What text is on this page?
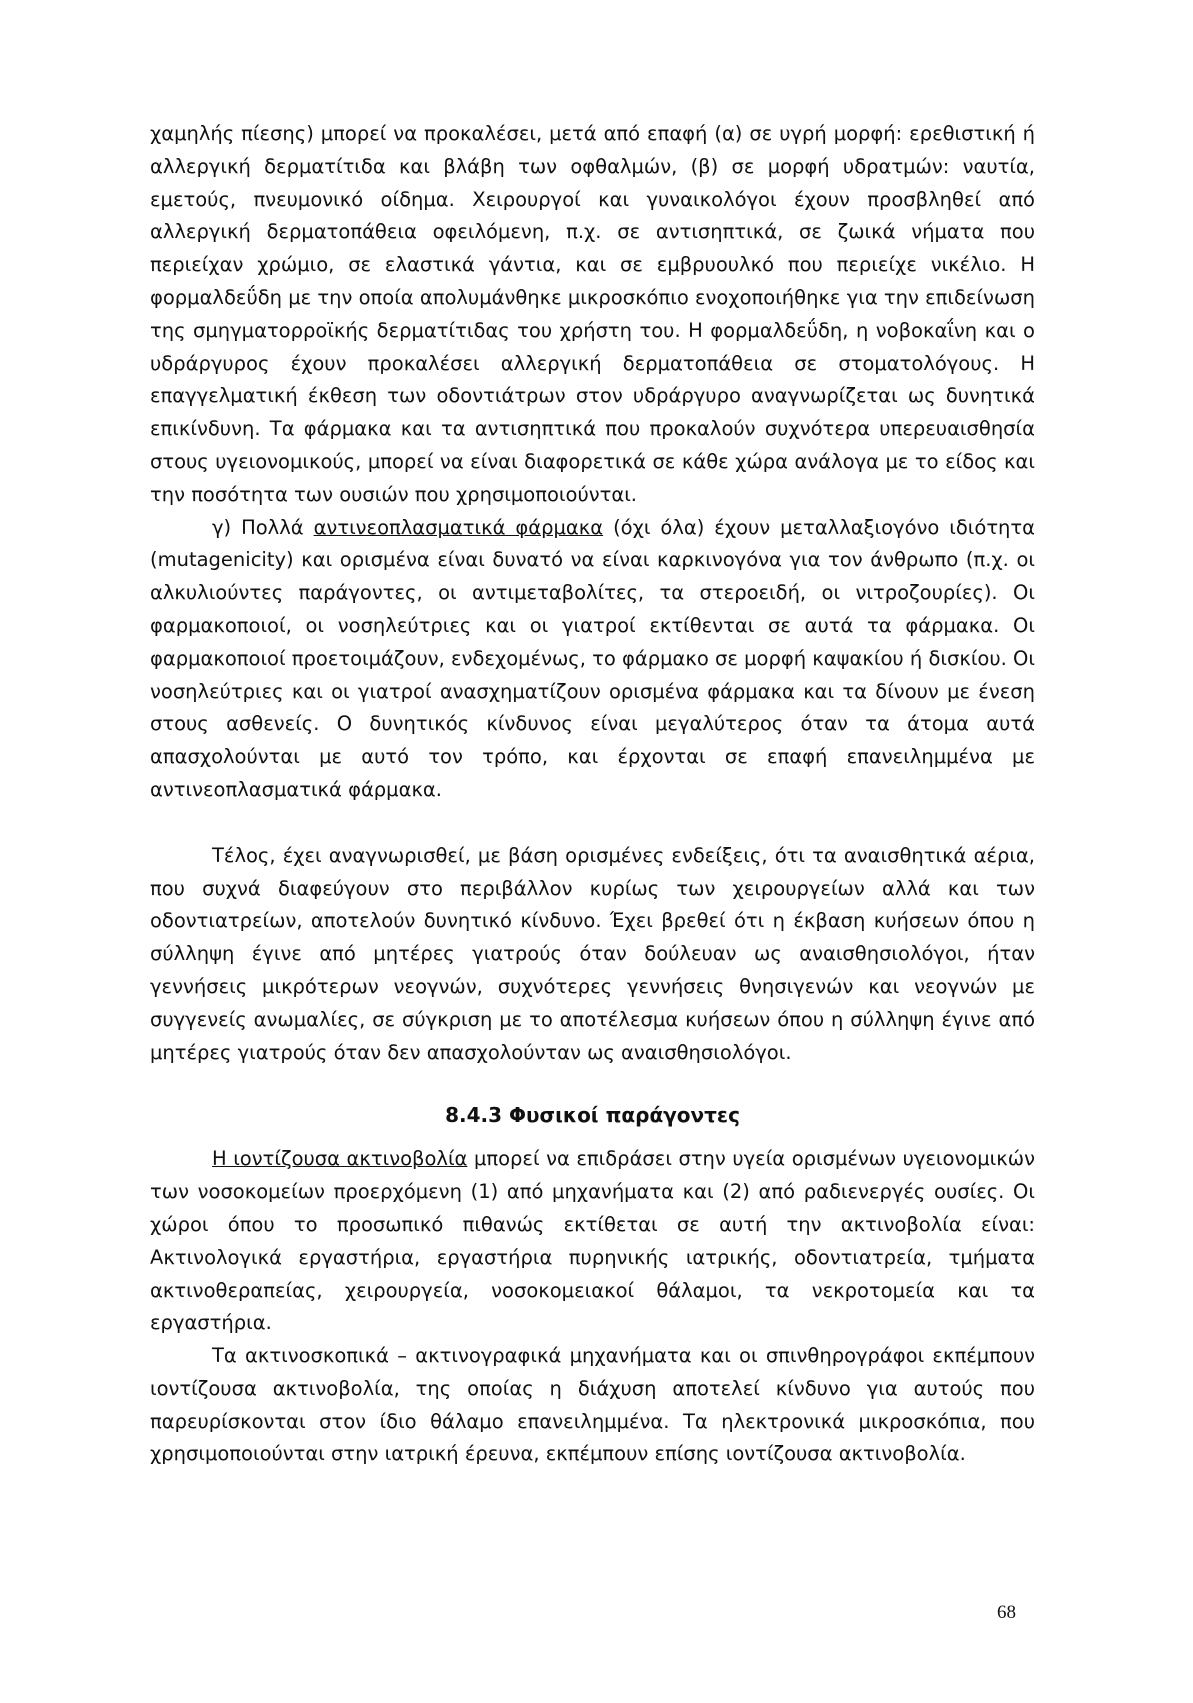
χαμηλής πίεσης) μπορεί να προκαλέσει, μετά από επαφή (α) σε υγρή μορφή: ερεθιστική ή αλλεργική δερματίτιδα και βλάβη των οφθαλμών, (β) σε μορφή υδρατμών: ναυτία, εμετούς, πνευμονικό οίδημα. Χειρουργοί και γυναικολόγοι έχουν προσβληθεί από αλλεργική δερματοπάθεια οφειλόμενη, π.χ. σε αντισηπτικά, σε ζωικά νήματα που περιείχαν χρώμιο, σε ελαστικά γάντια, και σε εμβρυουλκό που περιείχε νικέλιο. Η φορμαλδεΰδη με την οποία απολυμάνθηκε μικροσκόπιο ενοχοποιήθηκε για την επιδείνωση της σμηγματορροϊκής δερματίτιδας του χρήστη του. Η φορμαλδεΰδη, η νοβοκαΐνη και ο υδράργυρος έχουν προκαλέσει αλλεργική δερματοπάθεια σε στοματολόγους. Η επαγγελματική έκθεση των οδοντιάτρων στον υδράργυρο αναγνωρίζεται ως δυνητικά επικίνδυνη. Τα φάρμακα και τα αντισηπτικά που προκαλούν συχνότερα υπερευαισθησία στους υγειονομικούς, μπορεί να είναι διαφορετικά σε κάθε χώρα ανάλογα με το είδος και την ποσότητα των ουσιών που χρησιμοποιούνται.

γ) Πολλά αντινεοπλασματικά φάρμακα (όχι όλα) έχουν μεταλλαξιογόνο ιδιότητα (mutagenicity) και ορισμένα είναι δυνατό να είναι καρκινογόνα για τον άνθρωπο (π.χ. οι αλκυλιούντες παράγοντες, οι αντιμεταβολίτες, τα στεροειδή, οι νιτροζουρίες). Οι φαρμακοποιοί, οι νοσηλεύτριες και οι γιατροί εκτίθενται σε αυτά τα φάρμακα. Οι φαρμακοποιοί προετοιμάζουν, ενδεχομένως, το φάρμακο σε μορφή καψακίου ή δισκίου. Οι νοσηλεύτριες και οι γιατροί ανασχηματίζουν ορισμένα φάρμακα και τα δίνουν με ένεση στους ασθενείς. Ο δυνητικός κίνδυνος είναι μεγαλύτερος όταν τα άτομα αυτά απασχολούνται με αυτό τον τρόπο, και έρχονται σε επαφή επανειλημμένα με αντινεοπλασματικά φάρμακα.

Τέλος, έχει αναγνωρισθεί, με βάση ορισμένες ενδείξεις, ότι τα αναισθητικά αέρια, που συχνά διαφεύγουν στο περιβάλλον κυρίως των χειρουργείων αλλά και των οδοντιατρείων, αποτελούν δυνητικό κίνδυνο. Έχει βρεθεί ότι η έκβαση κυήσεων όπου η σύλληψη έγινε από μητέρες γιατρούς όταν δούλευαν ως αναισθησιολόγοι, ήταν γεννήσεις μικρότερων νεογνών, συχνότερες γεννήσεις θνησιγενών και νεογνών με συγγενείς ανωμαλίες, σε σύγκριση με το αποτέλεσμα κυήσεων όπου η σύλληψη έγινε από μητέρες γιατρούς όταν δεν απασχολούνταν ως αναισθησιολόγοι.

8.4.3 Φυσικοί παράγοντες

Η ιοντίζουσα ακτινοβολία μπορεί να επιδράσει στην υγεία ορισμένων υγειονομικών των νοσοκομείων προερχόμενη (1) από μηχανήματα και (2) από ραδιενεργές ουσίες. Οι χώροι όπου το προσωπικό πιθανώς εκτίθεται σε αυτή την ακτινοβολία είναι: Ακτινολογικά εργαστήρια, εργαστήρια πυρηνικής ιατρικής, οδοντιατρεία, τμήματα ακτινοθεραπείας, χειρουργεία, νοσοκομειακοί θάλαμοι, τα νεκροτομεία και τα εργαστήρια.

Τα ακτινοσκοπικά – ακτινογραφικά μηχανήματα και οι σπινθηρογράφοι εκπέμπουν ιοντίζουσα ακτινοβολία, της οποίας η διάχυση αποτελεί κίνδυνο για αυτούς που παρευρίσκονται στον ίδιο θάλαμο επανειλημμένα. Τα ηλεκτρονικά μικροσκόπια, που χρησιμοποιούνται στην ιατρική έρευνα, εκπέμπουν επίσης ιοντίζουσα ακτινοβολία.

68
